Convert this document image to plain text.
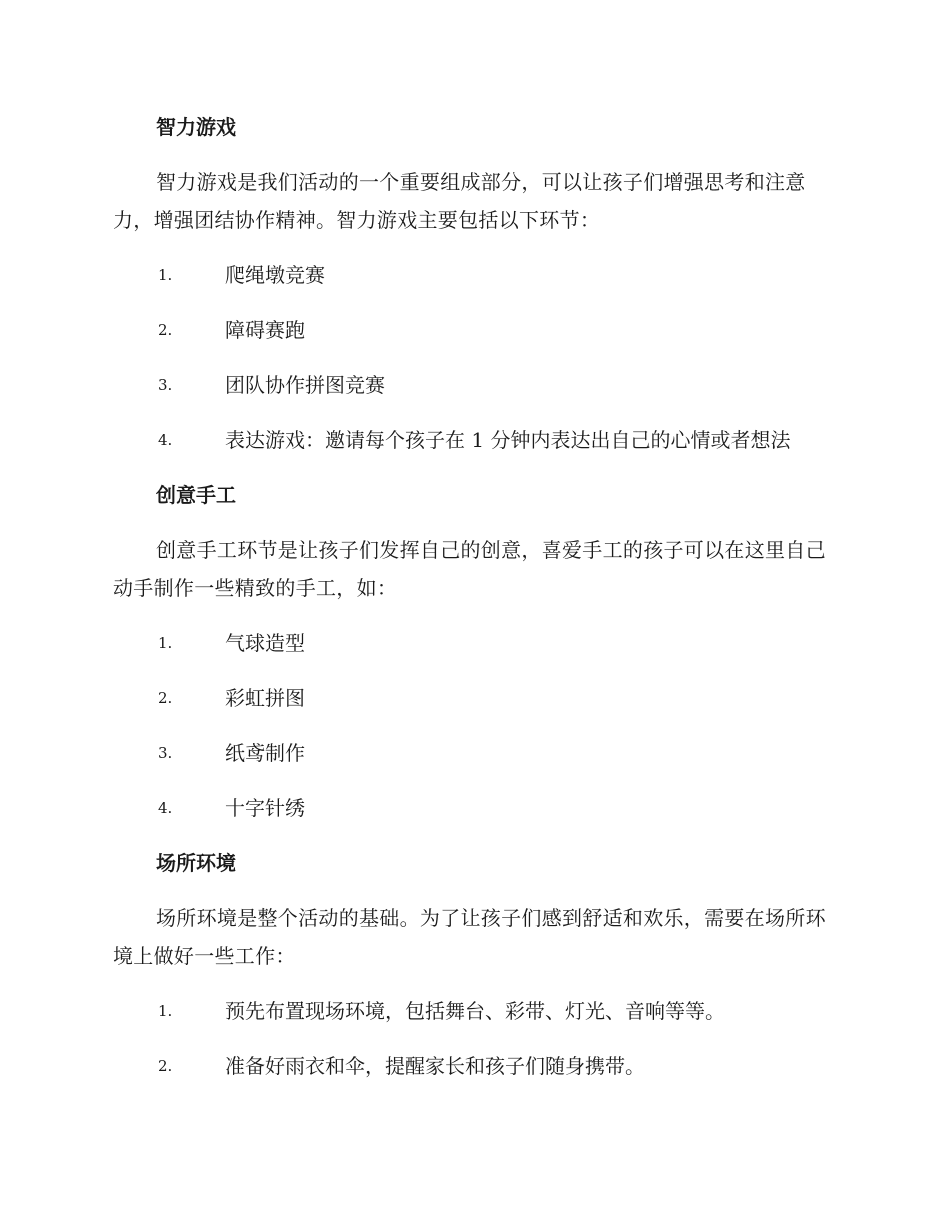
智力游戏

智力游戏是我们活动的一个重要组成部分，可以让孩子们增强思考和注意力，增强团结协作精神。智力游戏主要包括以下环节：

1.	爬绳墩竞赛
2.	障碍赛跑
3.	团队协作拼图竞赛
4.	表达游戏：邀请每个孩子在 1 分钟内表达出自己的心情或者想法
创意手工

创意手工环节是让孩子们发挥自己的创意，喜爱手工的孩子可以在这里自己动手制作一些精致的手工，如：

1.	气球造型
2.	彩虹拼图
3.	纸鸢制作
4.	十字针绣
场所环境

场所环境是整个活动的基础。为了让孩子们感到舒适和欢乐，需要在场所环境上做好一些工作：

1.	预先布置现场环境，包括舞台、彩带、灯光、音响等等。
2.	准备好雨衣和伞，提醒家长和孩子们随身携带。
